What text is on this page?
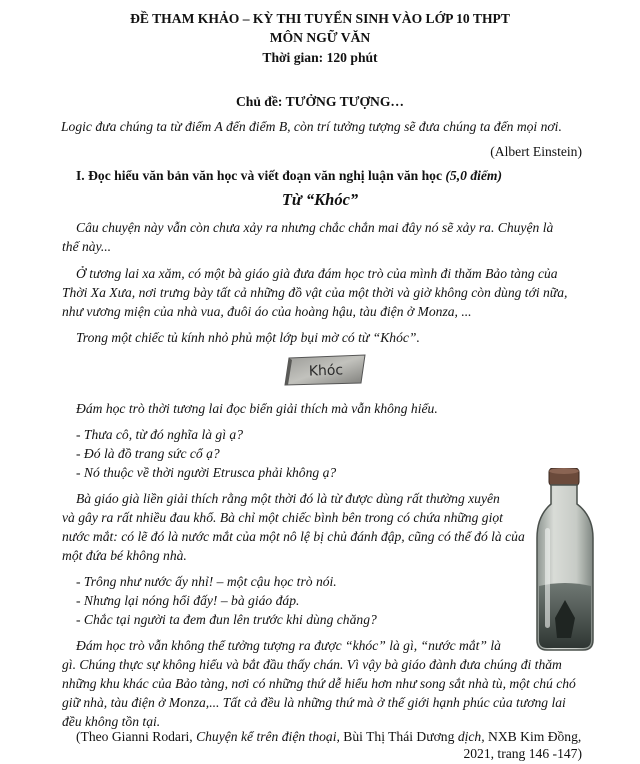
ĐỀ THAM KHẢO – KỲ THI TUYỂN SINH VÀO LỚP 10 THPT
MÔN NGỮ VĂN
Thời gian: 120 phút
Chủ đề: TƯỞNG TƯỢNG…
Logic đưa chúng ta từ điểm A đến điểm B, còn trí tưởng tượng sẽ đưa chúng ta đến mọi nơi.
(Albert Einstein)
I. Đọc hiểu văn bản văn học và viết đoạn văn nghị luận văn học (5,0 điểm)
Từ “Khóc”
Câu chuyện này vẫn còn chưa xảy ra nhưng chắc chắn mai đây nó sẽ xảy ra. Chuyện là
thế này...
Ở tương lai xa xăm, có một bà giáo già đưa đám học trò của mình đi thăm Bảo tàng của
Thời Xa Xưa, nơi trưng bày tất cả những đồ vật của một thời và giờ không còn dùng tới nữa,
như vương miện của nhà vua, đuôi áo của hoàng hậu, tàu điện ở Monza, ...
Trong một chiếc tủ kính nhỏ phủ một lớp bụi mờ có từ “Khóc”.
Khóc
Đám học trò thời tương lai đọc biển giải thích mà vẫn không hiểu.
- Thưa cô, từ đó nghĩa là gì ạ?
- Đó là đồ trang sức cổ ạ?
- Nó thuộc về thời người Etrusca phải không ạ?
Bà giáo già liền giải thích rằng một thời đó là từ được dùng rất thường xuyên
và gây ra rất nhiều đau khổ. Bà chỉ một chiếc bình bên trong có chứa những giọt
nước mắt: có lẽ đó là nước mắt của một nô lệ bị chủ đánh đập, cũng có thể đó là của
một đứa bé không nhà.
- Trông như nước ấy nhỉ! – một cậu học trò nói.
- Nhưng lại nóng hổi đấy! – bà giáo đáp.
- Chắc tại người ta đem đun lên trước khi dùng chăng?
Đám học trò vẫn không thể tưởng tượng ra được “khóc” là gì, “nước mắt” là
gì. Chúng thực sự không hiểu và bắt đầu thấy chán. Vì vậy bà giáo đành đưa chúng đi thăm
những khu khác của Bảo tàng, nơi có những thứ dễ hiểu hơn như song sắt nhà tù, một chú chó
giữ nhà, tàu điện ở Monza,... Tất cả đều là những thứ mà ở thế giới hạnh phúc của tương lai
đều không tồn tại.
(Theo Gianni Rodari, Chuyện kể trên điện thoại, Bùi Thị Thái Dương dịch, NXB Kim Đồng,
2021, trang 146 -147)
